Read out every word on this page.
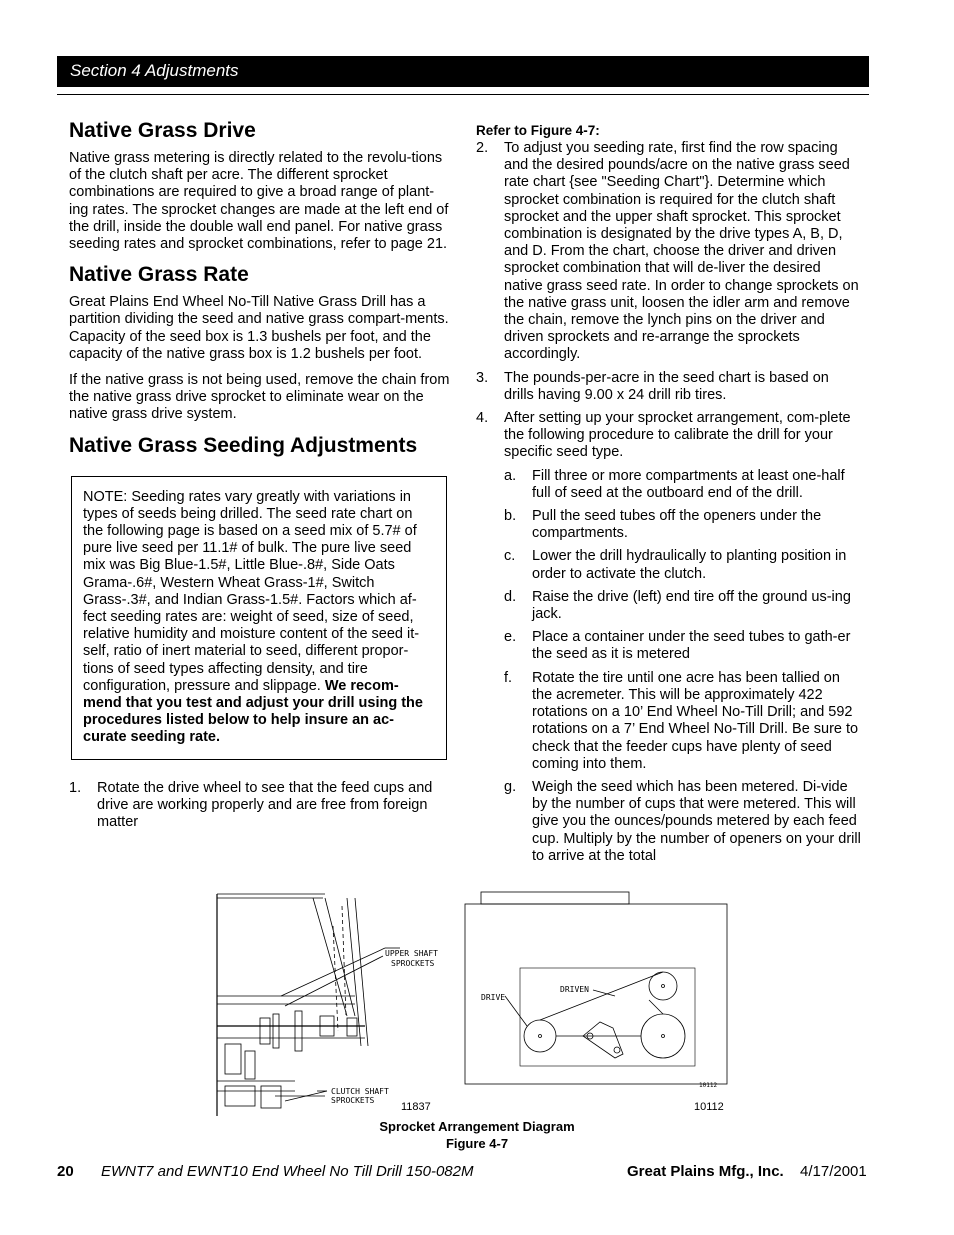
Section 4 Adjustments
Native Grass Drive

Native grass metering is directly related to the revolu-tions of the clutch shaft per acre. The different sprocket combinations are required to give a broad range of plant-ing rates. The sprocket changes are made at the left end of the drill, inside the double wall end panel. For native grass seeding rates and sprocket combinations, refer to page 21.

Native Grass Rate

Great Plains End Wheel No-Till Native Grass Drill has a partition dividing the seed and native grass compart-ments. Capacity of the seed box is 1.3 bushels per foot, and the capacity of the native grass box is 1.2 bushels per foot.

If the native grass is not being used, remove the chain from the native grass drive sprocket to eliminate wear on the native grass drive system.

Native Grass Seeding Adjustments

NOTE: Seeding rates vary greatly with variations in types of seeds being drilled. The seed rate chart on the following page is based on a seed mix of 5.7# of pure live seed per 11.1# of bulk. The pure live seed mix was Big Blue-1.5#, Little Blue-.8#, Side Oats Grama-.6#, Western Wheat Grass-1#, Switch Grass-.3#, and Indian Grass-1.5#. Factors which af-fect seeding rates are: weight of seed, size of seed, relative humidity and moisture content of the seed it-self, ratio of inert material to seed, different propor-tions of seed types affecting density, and tire configuration, pressure and slippage. We recom-mend that you test and adjust your drill using the procedures listed below to help insure an ac-curate seeding rate.

1. Rotate the drive wheel to see that the feed cups and drive are working properly and are free from foreign matter
Refer to Figure 4-7:
2. To adjust you seeding rate, first find the row spacing and the desired pounds/acre on the native grass seed rate chart {see "Seeding Chart"}. Determine which sprocket combination is required for the clutch shaft sprocket and the upper shaft sprocket. This sprocket combination is designated by the drive types A, B, D, and D. From the chart, choose the driver and driven sprocket combination that will de-liver the desired native grass seed rate. In order to change sprockets on the native grass unit, loosen the idler arm and remove the chain, remove the lynch pins on the driver and driven sprockets and re-arrange the sprockets accordingly.
3. The pounds-per-acre in the seed chart is based on drills having 9.00 x 24 drill rib tires.
4. After setting up your sprocket arrangement, com-plete the following procedure to calibrate the drill for your specific seed type.
a. Fill three or more compartments at least one-half full of seed at the outboard end of the drill.
b. Pull the seed tubes off the openers under the compartments.
c. Lower the drill hydraulically to planting position in order to activate the clutch.
d. Raise the drive (left) end tire off the ground us-ing jack.
e. Place a container under the seed tubes to gath-er the seed as it is metered
f. Rotate the tire until one acre has been tallied on the acremeter. This will be approximately 422 rotations on a 10’ End Wheel No-Till Drill; and 592 rotations on a 7’ End Wheel No-Till Drill. Be sure to check that the feeder cups have plenty of seed coming into them.
g. Weigh the seed which has been metered. Di-vide by the number of cups that were metered. This will give you the ounces/pounds metered by each feed cup. Multiply by the number of openers on your drill to arrive at the total
UPPER SHAFT
SPROCKETS
CLUTCH SHAFT
SPROCKETS
DRIVE
DRIVEN
10112
11837	10112
Sprocket Arrangement Diagram
Figure 4-7
20 EWNT7 and EWNT10 End Wheel No Till Drill 150-082M	Great Plains Mfg., Inc. 4/17/2001
